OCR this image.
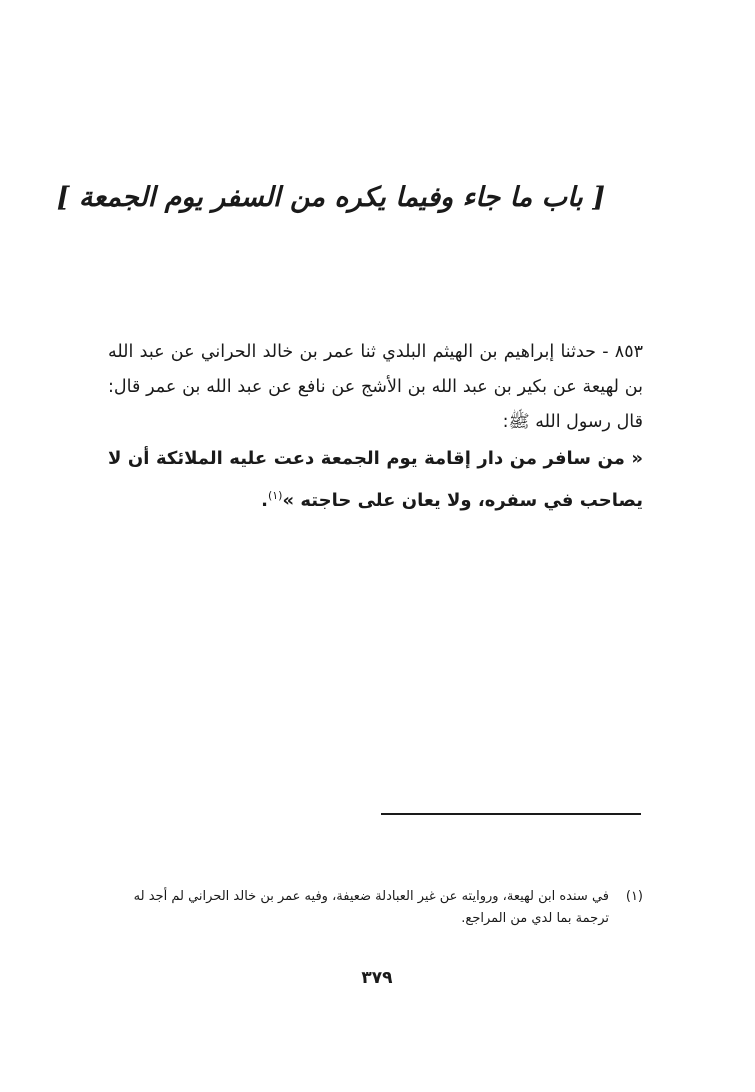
[ باب ما جاء وفيما يكره من السفر يوم الجمعة ]

٨٥٣ - حدثنا إبراهيم بن الهيثم البلدي ثنا عمر بن خالد الحراني عن عبد الله بن لهيعة عن بكير بن عبد الله بن الأشج عن نافع عن عبد الله بن عمر قال: قال رسول الله ﷺ:

« من سافر من دار إقامة يوم الجمعة دعت عليه الملائكة أن لا يصاحب في سفره، ولا يعان على حاجته »$^{(١)}$.

(١)
في سنده ابن لهيعة، وروايته عن غير العبادلة ضعيفة، وفيه عمر بن خالد الحراني لم أجد له ترجمة بما لدي من المراجع.
٣٧٩
